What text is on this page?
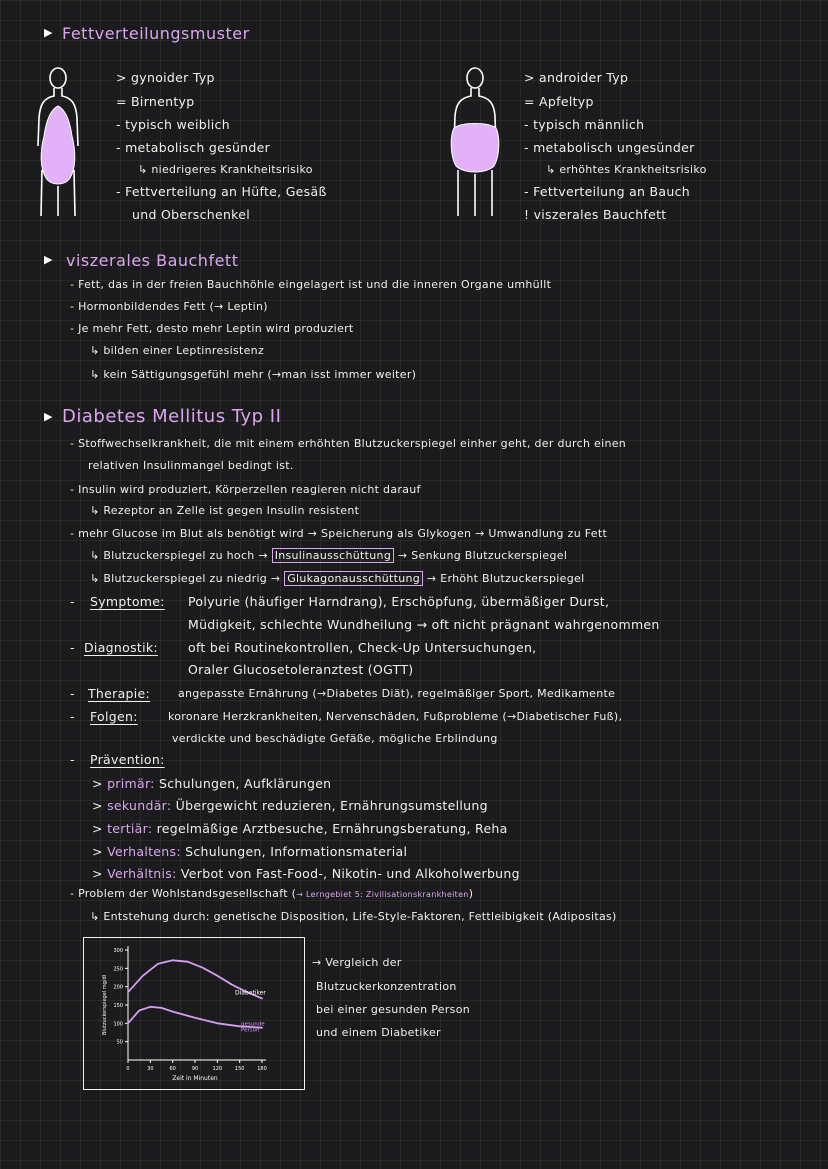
▶ Fettverteilungsmuster
> gynoider Typ
= Birnentyp
- typisch weiblich
- metabolisch gesünder
↳ niedrigeres Krankheitsrisiko
- Fettverteilung an Hüfte, Gesäß
und Oberschenkel
> androider Typ
= Apfeltyp
- typisch männlich
- metabolisch ungesünder
↳ erhöhtes Krankheitsrisiko
- Fettverteilung an Bauch
! viszerales Bauchfett
▶ viszerales Bauchfett
- Fett, das in der freien Bauchhöhle eingelagert ist und die inneren Organe umhüllt
- Hormonbildendes Fett (→ Leptin)
- Je mehr Fett, desto mehr Leptin wird produziert
↳ bilden einer Leptinresistenz
↳ kein Sättigungsgefühl mehr (→man isst immer weiter)
▶ Diabetes Mellitus Typ II
- Stoffwechselkrankheit, die mit einem erhöhten Blutzuckerspiegel einher geht, der durch einen
relativen Insulinmangel bedingt ist.
- Insulin wird produziert, Körperzellen reagieren nicht darauf
↳ Rezeptor an Zelle ist gegen Insulin resistent
- mehr Glucose im Blut als benötigt wird → Speicherung als Glykogen → Umwandlung zu Fett
↳ Blutzuckerspiegel zu hoch → Insulinausschüttung → Senkung Blutzuckerspiegel
↳ Blutzuckerspiegel zu niedrig → Glukagonausschüttung → Erhöht Blutzuckerspiegel
- Symptome: Polyurie (häufiger Harndrang), Erschöpfung, übermäßiger Durst,
Müdigkeit, schlechte Wundheilung → oft nicht prägnant wahrgenommen
- Diagnostik: oft bei Routinekontrollen, Check-Up Untersuchungen,
Oraler Glucosetoleranztest (OGTT)
- Therapie:	angepasste Ernährung (→Diabetes Diät), regelmäßiger Sport, Medikamente
- Folgen:	koronare Herzkrankheiten, Nervenschäden, Fußprobleme (→Diabetischer Fuß),
verdickte und beschädigte Gefäße, mögliche Erblindung
- Prävention:
> primär: Schulungen, Aufklärungen
> sekundär: Übergewicht reduzieren, Ernährungsumstellung
> tertiär: regelmäßige Arztbesuche, Ernährungsberatung, Reha
> Verhaltens: Schulungen, Informationsmaterial
> Verhältnis: Verbot von Fast-Food-, Nikotin- und Alkoholwerbung
- Problem der Wohlstandsgesellschaft (→ Lerngebiet 5: Zivilisationskrankheiten)
↳ Entstehung durch: genetische Disposition, Life-Style-Faktoren, Fettleibigkeit (Adipositas)
50
100
150
200
250
300
0	30	60	90	120	150	180
Zeit in Minuten
Blutzuckerspiegel mg/dl	Diabetiker
gesunde
Person
→ Vergleich der
Blutzuckerkonzentration
bei einer gesunden Person
und einem Diabetiker
